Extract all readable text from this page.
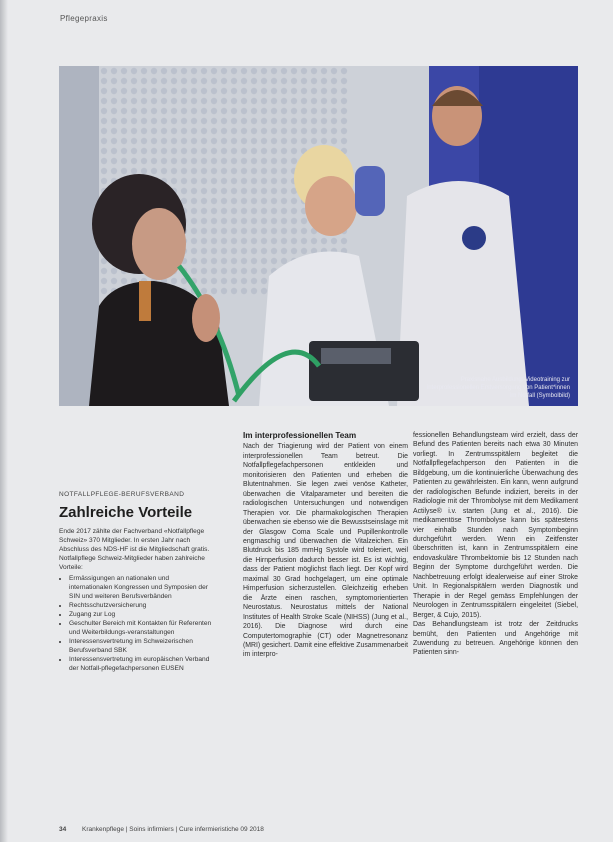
Pflegepraxis
Praxisnahe Ausbildung: Videotraining zur interprofessionellen Erstversorgung von Patient*innen im Notfall (Symbolbild)
NOTFALLPFLEGE-BERUFSVERBAND
Zahlreiche Vorteile
Ende 2017 zählte der Fachverband «Notfallpflege Schweiz» 370 Mitglieder. In ersten Jahr nach Abschluss des NDS-HF ist die Mitgliedschaft gratis. Notfallpflege Schweiz-Mitglieder haben zahlreiche Vorteile:
• Ermässigungen an nationalen und internationalen Kongressen und Symposien der SIN und weiteren Berufsverbänden
• Rechtsschutzversicherung
• Zugang zur Log
• Geschulter Bereich mit Kontakten für Referenten und Weiterbildungs-veranstaltungen
• Interessensvertretung im Schweizerischen Berufsverband SBK
• Interessensvertretung im europäischen Verband der Notfall-pflegefachpersonen EUSEN
Im interprofessionellen Team

Nach der Triagierung wird der Patient von einem interprofessionellen Team betreut. Die Notfallpflegefachpersonen entkleiden und monitorisieren den Patienten und erheben die Blutentnahmen. Sie legen zwei venöse Katheter, überwachen die Vitalparameter und bereiten die radiologischen Untersuchungen und notwendigen Therapien vor. Die pharmakologischen Therapien überwachen sie ebenso wie die Bewusstseinslage mit der Glasgow Coma Scale und Pupillenkontrolle engmaschig und überwachen die Vitalzeichen. Ein Blutdruck bis 185 mmHg Systole wird toleriert, weil die Hirnperfusion dadurch besser ist. Es ist wichtig, dass der Patient möglichst flach liegt. Der Kopf wird maximal 30 Grad hochgelagert, um eine optimale Hirnperfusion sicherzustellen. Gleichzeitig erheben die Ärzte einen raschen, symptomorientierten Neurostatus. Neurostatus mittels der National Institutes of Health Stroke Scale (NIHSS) (Jung et al., 2016). Die Diagnose wird durch eine Computertomographie (CT) oder Magnetresonanz (MRI) gesichert. Damit eine effektive Zusammenarbeit im interpro-

fessionellen Behandlungsteam wird erzielt, dass der Befund des Patienten bereits nach etwa 30 Minuten vorliegt. In Zentrumsspitälern begleitet die Notfallpflegefachperson den Patienten in die Bildgebung, um die kontinuierliche Überwachung des Patienten zu gewährleisten. Ein kann, wenn aufgrund der radiologischen Befunde indiziert, bereits in der Radiologie mit der Thrombolyse mit dem Medikament Actilyse® i.v. starten (Jung et al., 2016). Die medikamentöse Thrombolyse kann bis spätestens vier einhalb Stunden nach Symptombeginn durchgeführt werden. Wenn ein Zeitfenster überschritten ist, kann in Zentrumsspitälern eine endovaskuläre Thrombektomie bis 12 Stunden nach Beginn der Symptome durchgeführt werden. Die Nachbetreuung erfolgt idealerweise auf einer Stroke Unit. In Regionalspitälern werden Diagnostik und Therapie in der Regel gemäss Empfehlungen der Neurologen in Zentrumsspitälern eingeleitet (Siebel, Berger, & Cujo, 2015).

Das Behandlungsteam ist trotz der Zeitdrucks bemüht, den Patienten und Angehörige mit Zuwendung zu betreuen. Angehörige können den Patienten sinn-

34 Krankenpflege | Soins infirmiers | Cure infermieristiche 09 2018
